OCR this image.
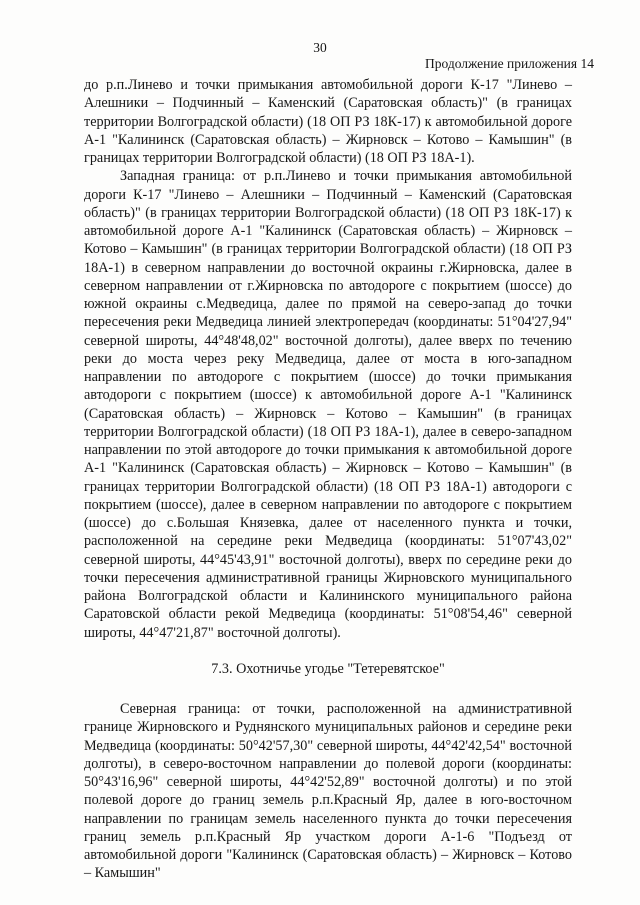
30
Продолжение приложения 14

до р.п.Линево и точки примыкания автомобильной дороги К-17 "Линево – Алешники – Подчинный – Каменский (Саратовская область)" (в границах территории Волгоградской области) (18 ОП РЗ 18К-17) к автомобильной дороге А-1 "Калининск (Саратовская область) – Жирновск – Котово – Камышин" (в границах территории Волгоградской области) (18 ОП РЗ 18А-1).

Западная граница: от р.п.Линево и точки примыкания автомобильной дороги К-17 "Линево – Алешники – Подчинный – Каменский (Саратовская область)" (в границах территории Волгоградской области) (18 ОП РЗ 18К-17) к автомобильной дороге А-1 "Калининск (Саратовская область) – Жирновск – Котово – Камышин" (в границах территории Волгоградской области) (18 ОП РЗ 18А-1) в северном направлении до восточной окраины г.Жирновска, далее в северном направлении от г.Жирновска по автодороге с покрытием (шоссе) до южной окраины с.Медведица, далее по прямой на северо-запад до точки пересечения реки Медведица линией электропередач (координаты: 51°04'27,94" северной широты, 44°48'48,02" восточной долготы), далее вверх по течению реки до моста через реку Медведица, далее от моста в юго-западном направлении по автодороге с покрытием (шоссе) до точки примыкания автодороги с покрытием (шоссе) к автомобильной дороге А-1 "Калининск (Саратовская область) – Жирновск – Котово – Камышин" (в границах территории Волгоградской области) (18 ОП РЗ 18А-1), далее в северо-западном направлении по этой автодороге до точки примыкания к автомобильной дороге А-1 "Калининск (Саратовская область) – Жирновск – Котово – Камышин" (в границах территории Волгоградской области) (18 ОП РЗ 18А-1) автодороги с покрытием (шоссе), далее в северном направлении по автодороге с покрытием (шоссе) до с.Большая Князевка, далее от населенного пункта и точки, расположенной на середине реки Медведица (координаты: 51°07'43,02" северной широты, 44°45'43,91" восточной долготы), вверх по середине реки до точки пересечения административной границы Жирновского муниципального района Волгоградской области и Калининского муниципального района Саратовской области рекой Медведица (координаты: 51°08'54,46" северной широты, 44°47'21,87" восточной долготы).

7.3. Охотничье угодье "Тетеревятское"

Северная граница: от точки, расположенной на административной границе Жирновского и Руднянского муниципальных районов и середине реки Медведица (координаты: 50°42'57,30" северной широты, 44°42'42,54" восточной долготы), в северо-восточном направлении до полевой дороги (координаты: 50°43'16,96" северной широты, 44°42'52,89" восточной долготы) и по этой полевой дороге до границ земель р.п.Красный Яр, далее в юго-восточном направлении по границам земель населенного пункта до точки пересечения границ земель р.п.Красный Яр участком дороги А-1-6 "Подъезд от автомобильной дороги "Калининск (Саратовская область) – Жирновск – Котово – Камышин"
